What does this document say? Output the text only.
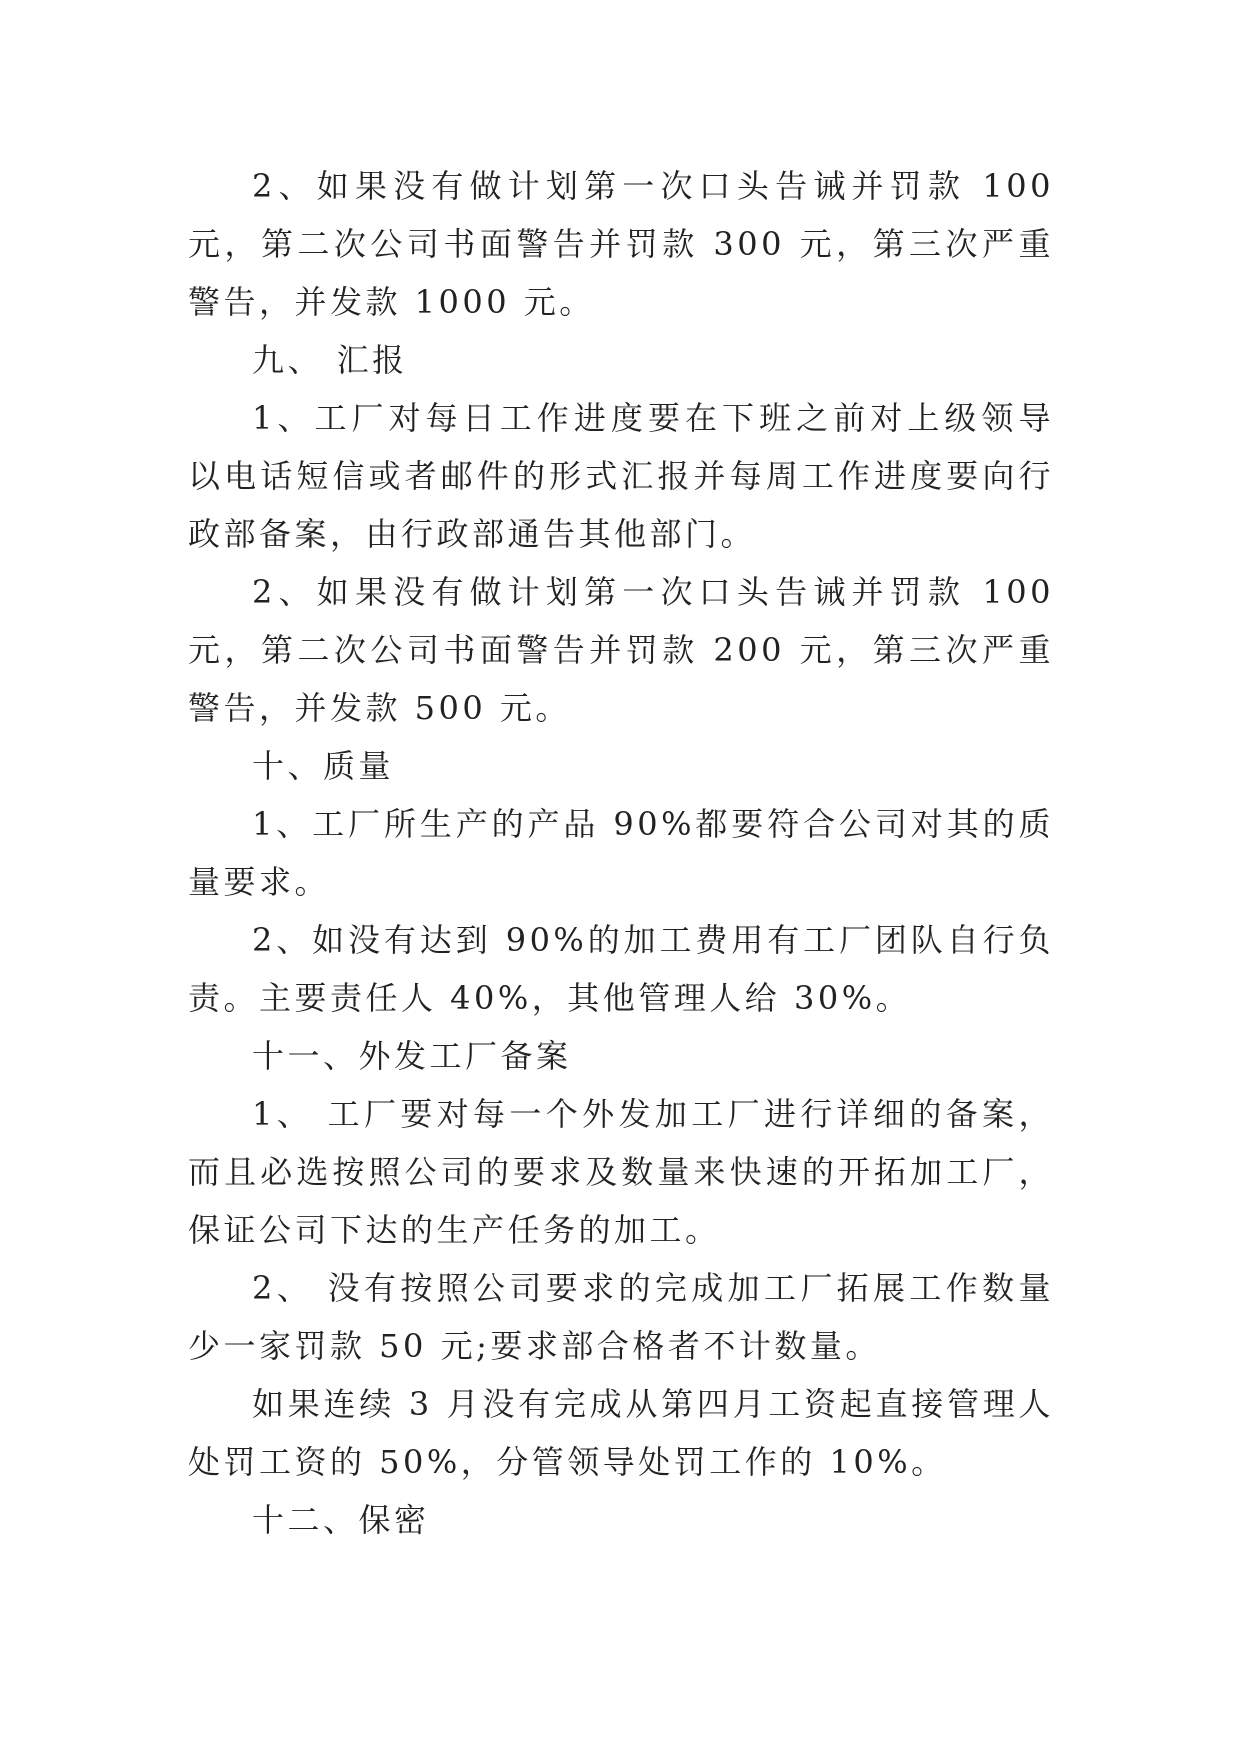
2、如果没有做计划第一次口头告诫并罚款 100 元，第二次公司书面警告并罚款 300 元，第三次严重警告，并发款 1000 元。

九、 汇报

1、工厂对每日工作进度要在下班之前对上级领导以电话短信或者邮件的形式汇报并每周工作进度要向行政部备案，由行政部通告其他部门。

2、如果没有做计划第一次口头告诫并罚款 100 元，第二次公司书面警告并罚款 200 元，第三次严重警告，并发款 500 元。

十、质量

1、工厂所生产的产品 90%都要符合公司对其的质量要求。

2、如没有达到 90%的加工费用有工厂团队自行负责。主要责任人 40%，其他管理人给 30%。

十一、外发工厂备案

1、 工厂要对每一个外发加工厂进行详细的备案，而且必选按照公司的要求及数量来快速的开拓加工厂，保证公司下达的生产任务的加工。

2、 没有按照公司要求的完成加工厂拓展工作数量少一家罚款 50 元;要求部合格者不计数量。

如果连续 3 月没有完成从第四月工资起直接管理人处罚工资的 50%，分管领导处罚工作的 10%。

十二、保密
